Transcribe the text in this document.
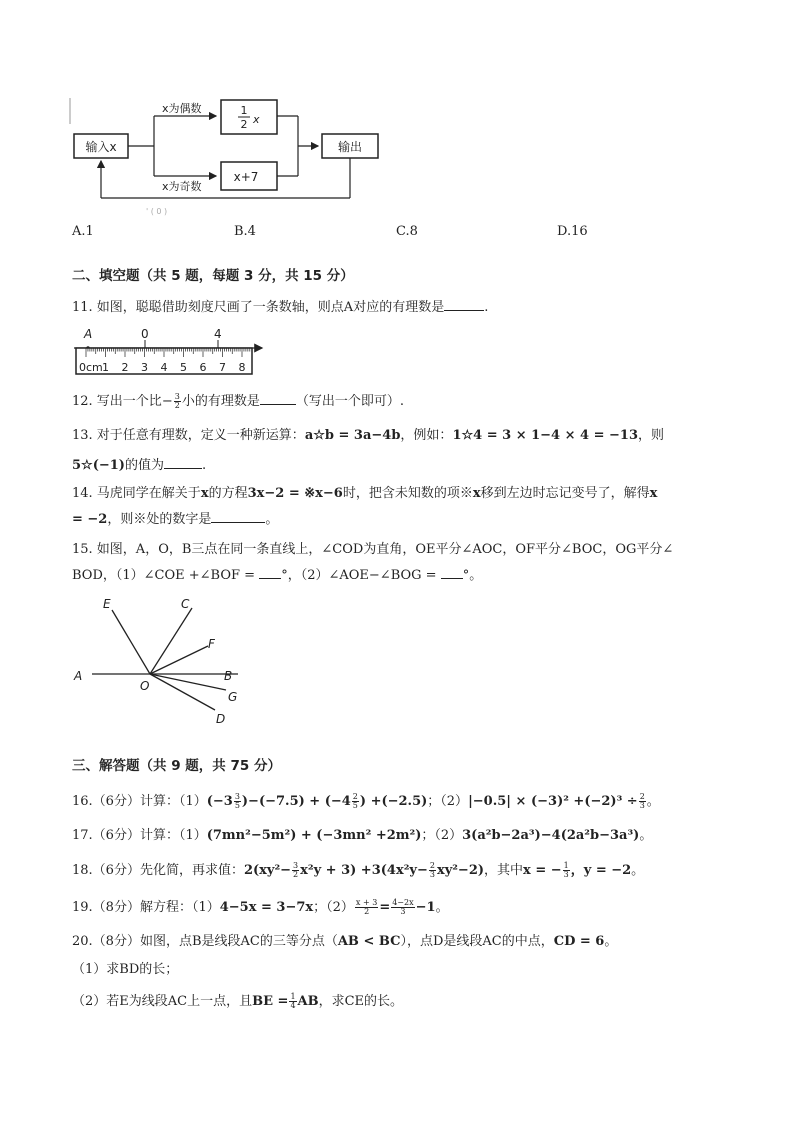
输入x
x为偶数
x为奇数
1
2 x
x+7
输出
' ( 0 )
A.1	B.4	C.8	D.16
二、填空题（共 5 题，每题 3 分，共 15 分）
11. 如图，聪聪借助刻度尺画了一条数轴，则点A对应的有理数是	.
A	0	4
0cm 1 2 3 4 5 6 7 8
12. 写出一个比− $\frac{3}{2}$ 小的有理数是	（写出一个即可）.
13. 对于任意有理数，定义一种新运算：a☆b = 3a−4b，例如：1☆4 = 3 × 1−4 × 4 = −13，则
5☆(−1)的值为	.
14. 马虎同学在解关于x的方程3x−2 = ※x−6时，把含未知数的项※x移到左边时忘记变号了，解得x
= −2，则※处的数字是	。
15. 如图，A，O，B三点在同一条直线上，∠COD为直角，OE平分∠AOC，OF平分∠BOC，OG平分∠
BOD，（1）∠COE +∠BOF = °，（2）∠AOE−∠BOG = °。
E	C
F
A
O
B
G
D
三、解答题（共 9 题，共 75 分）
16.（6分）计算：$(1)(-3 \frac{3}{5} )-(-7.5) + (-4 \frac{2}{5}$ ) +(−2.5)；$(2)|-0.5| \times (-3)^2 +(-2)^3 \div \frac{2}{3}$ 。
17.（6分）计算：（1）(7mn²−5m²) + (−3mn² +2m²)；（2）3(a²b−2a³)−4(2a²b−3a³)。
18.（6分）先化简，再求值：$2(xy^2- \frac{3}{2} x^2y + 3) +3(4x^2y- \frac{2}{3} xy^2-2)$，其中x = − $\frac{1}{3}$ ，y = −2。
19.（8分）解方程：（1）4−5x = 3−7x；$(2) \frac{x + 3}{2} = \frac{4-2x}{3} -1$。
20.（8分）如图，点B是线段AC的三等分点（AB < BC），点D是线段AC的中点，CD = 6。
（1）求BD的长；
（2）若E为线段AC上一点，且BE = $\frac{1}{4}$ AB，求CE的长。
